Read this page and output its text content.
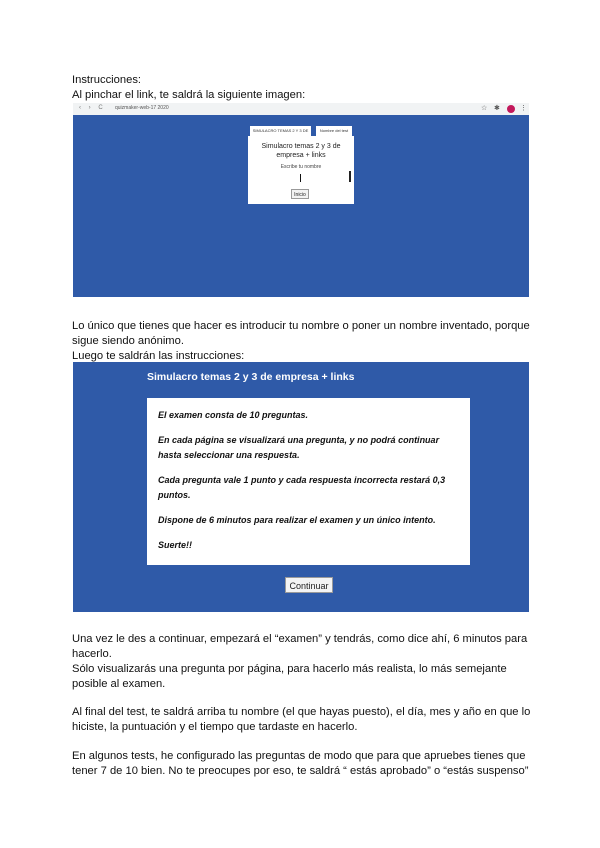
Instrucciones:

Al pinchar el link, te saldrá la siguiente imagen:

‹ › C quizmaker-web-17 2020	☆ ✱	⋮
SIMULACRO TEMAS 2 Y 3 DE	Nombre del test
Simulacro temas 2 y 3 de empresa + links
Escribe tu nombre
Inicio

Lo único que tienes que hacer es introducir tu nombre o poner un nombre inventado, porque

sigue siendo anónimo.

Luego te saldrán las instrucciones:

Simulacro temas 2 y 3 de empresa + links

El examen consta de 10 preguntas.

En cada página se visualizará una pregunta, y no podrá continuar hasta seleccionar una respuesta.

Cada pregunta vale 1 punto y cada respuesta incorrecta restará 0,3 puntos.

Dispone de 6 minutos para realizar el examen y un único intento.

Suerte!!

Continuar

Una vez le des a continuar, empezará el “examen” y tendrás, como dice ahí, 6 minutos para

hacerlo.

Sólo visualizarás una pregunta por página, para hacerlo más realista, lo más semejante

posible al examen.

Al final del test, te saldrá arriba tu nombre (el que hayas puesto), el día, mes y año en que lo

hiciste, la puntuación y el tiempo que tardaste en hacerlo.

En algunos tests, he configurado las preguntas de modo que para que apruebes tienes que

tener 7 de 10 bien. No te preocupes por eso, te saldrá “ estás aprobado” o “estás suspenso”
